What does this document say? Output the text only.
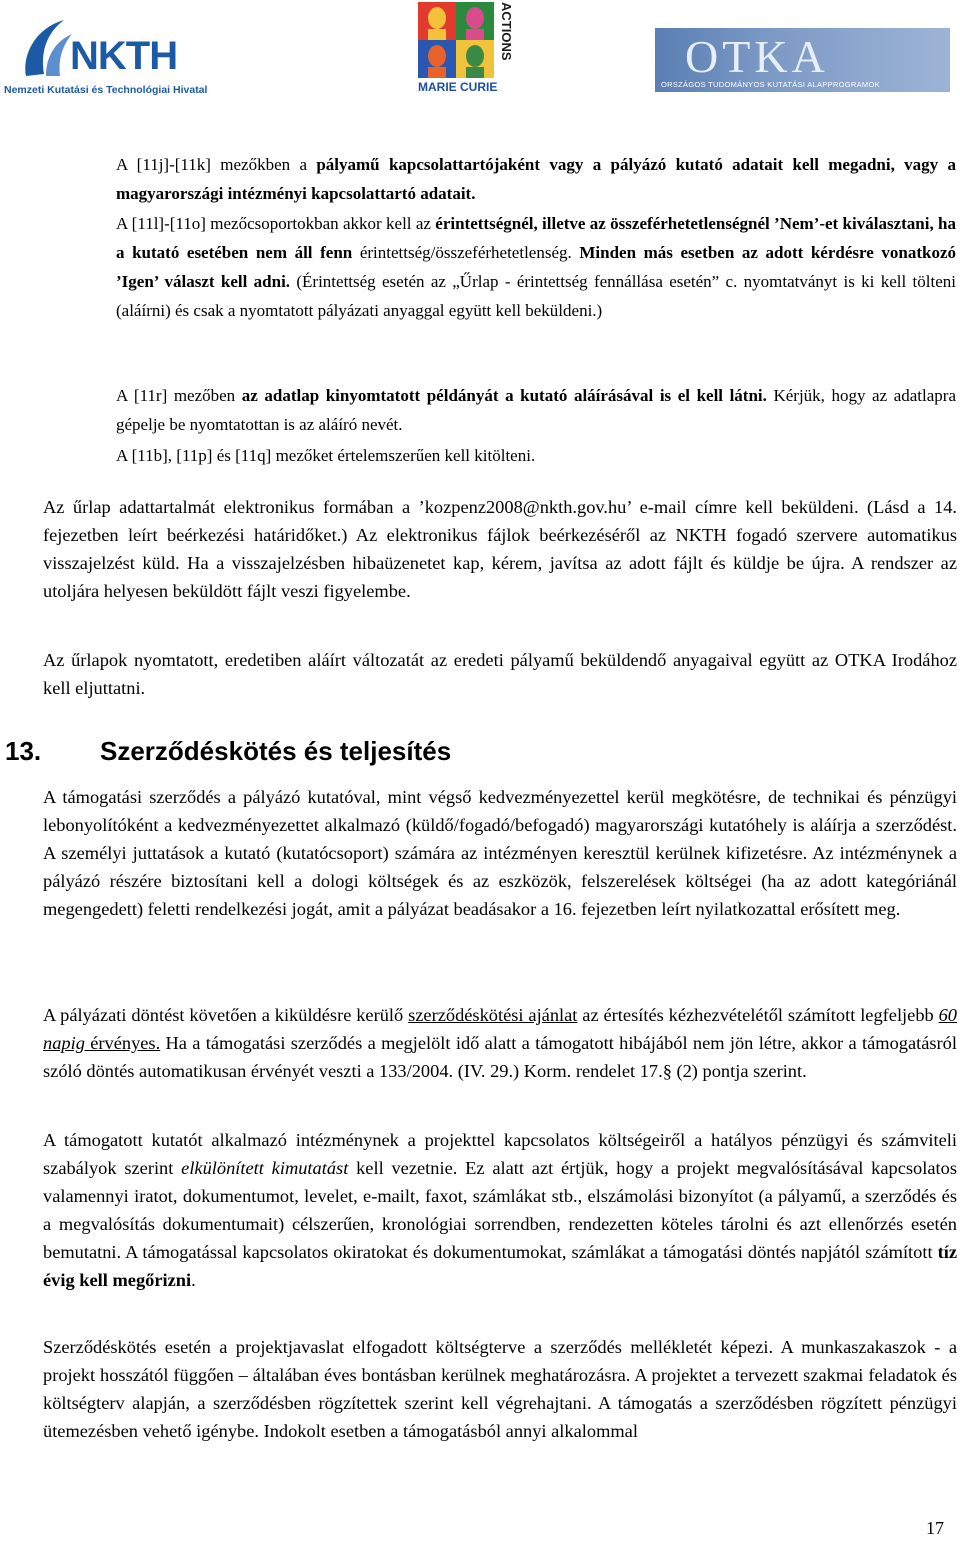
NKTH
Nemzeti Kutatási és Technológiai Hivatal
ACTIONS
MARIE CURIE
OTKA
ORSZÁGOS TUDOMÁNYOS KUTATÁSI ALAPPROGRAMOK

A [11j]-[11k] mezőkben a pályamű kapcsolattartójaként vagy a pályázó kutató adatait kell megadni, vagy a magyarországi intézményi kapcsolattartó adatait.

A [11l]-[11o] mezőcsoportokban akkor kell az érintettségnél, illetve az összeférhetetlenségnél ’Nem’-et kiválasztani, ha a kutató esetében nem áll fenn érintettség/összeférhetetlenség. Minden más esetben az adott kérdésre vonatkozó ’Igen’ választ kell adni. (Érintettség esetén az „Űrlap - érintettség fennállása esetén” c. nyomtatványt is ki kell tölteni (aláírni) és csak a nyomtatott pályázati anyaggal együtt kell beküldeni.)

A [11r] mezőben az adatlap kinyomtatott példányát a kutató aláírásával is el kell látni. Kérjük, hogy az adatlapra gépelje be nyomtatottan is az aláíró nevét.

A [11b], [11p] és [11q] mezőket értelemszerűen kell kitölteni.

Az űrlap adattartalmát elektronikus formában a ’kozpenz2008@nkth.gov.hu’ e-mail címre kell beküldeni. (Lásd a 14. fejezetben leírt beérkezési határidőket.) Az elektronikus fájlok beérkezéséről az NKTH fogadó szervere automatikus visszajelzést küld. Ha a visszajelzésben hibaüzenetet kap, kérem, javítsa az adott fájlt és küldje be újra. A rendszer az utoljára helyesen beküldött fájlt veszi figyelembe.

Az űrlapok nyomtatott, eredetiben aláírt változatát az eredeti pályamű beküldendő anyagaival együtt az OTKA Irodához kell eljuttatni.

13. Szerződéskötés és teljesítés

A támogatási szerződés a pályázó kutatóval, mint végső kedvezményezettel kerül megkötésre, de technikai és pénzügyi lebonyolítóként a kedvezményezettet alkalmazó (küldő/fogadó/befogadó) magyarországi kutatóhely is aláírja a szerződést. A személyi juttatások a kutató (kutatócsoport) számára az intézményen keresztül kerülnek kifizetésre. Az intézménynek a pályázó részére biztosítani kell a dologi költségek és az eszközök, felszerelések költségei (ha az adott kategóriánál megengedett) feletti rendelkezési jogát, amit a pályázat beadásakor a 16. fejezetben leírt nyilatkozattal erősített meg.

A pályázati döntést követően a kiküldésre kerülő szerződéskötési ajánlat az értesítés kézhezvételétől számított legfeljebb 60 napig érvényes. Ha a támogatási szerződés a megjelölt idő alatt a támogatott hibájából nem jön létre, akkor a támogatásról szóló döntés automatikusan érvényét veszti a 133/2004. (IV. 29.) Korm. rendelet 17.§ (2) pontja szerint.

A támogatott kutatót alkalmazó intézménynek a projekttel kapcsolatos költségeiről a hatályos pénzügyi és számviteli szabályok szerint elkülönített kimutatást kell vezetnie. Ez alatt azt értjük, hogy a projekt megvalósításával kapcsolatos valamennyi iratot, dokumentumot, levelet, e-mailt, faxot, számlákat stb., elszámolási bizonyítot (a pályamű, a szerződés és a megvalósítás dokumentumait) célszerűen, kronológiai sorrendben, rendezetten köteles tárolni és azt ellenőrzés esetén bemutatni. A támogatással kapcsolatos okiratokat és dokumentumokat, számlákat a támogatási döntés napjától számított tíz évig kell megőrizni.

Szerződéskötés esetén a projektjavaslat elfogadott költségterve a szerződés mellékletét képezi. A munkaszakaszok - a projekt hosszától függően – általában éves bontásban kerülnek meghatározásra. A projektet a tervezett szakmai feladatok és költségterv alapján, a szerződésben rögzítettek szerint kell végrehajtani. A támogatás a szerződésben rögzített pénzügyi ütemezésben vehető igénybe. Indokolt esetben a támogatásból annyi alkalommal

17
